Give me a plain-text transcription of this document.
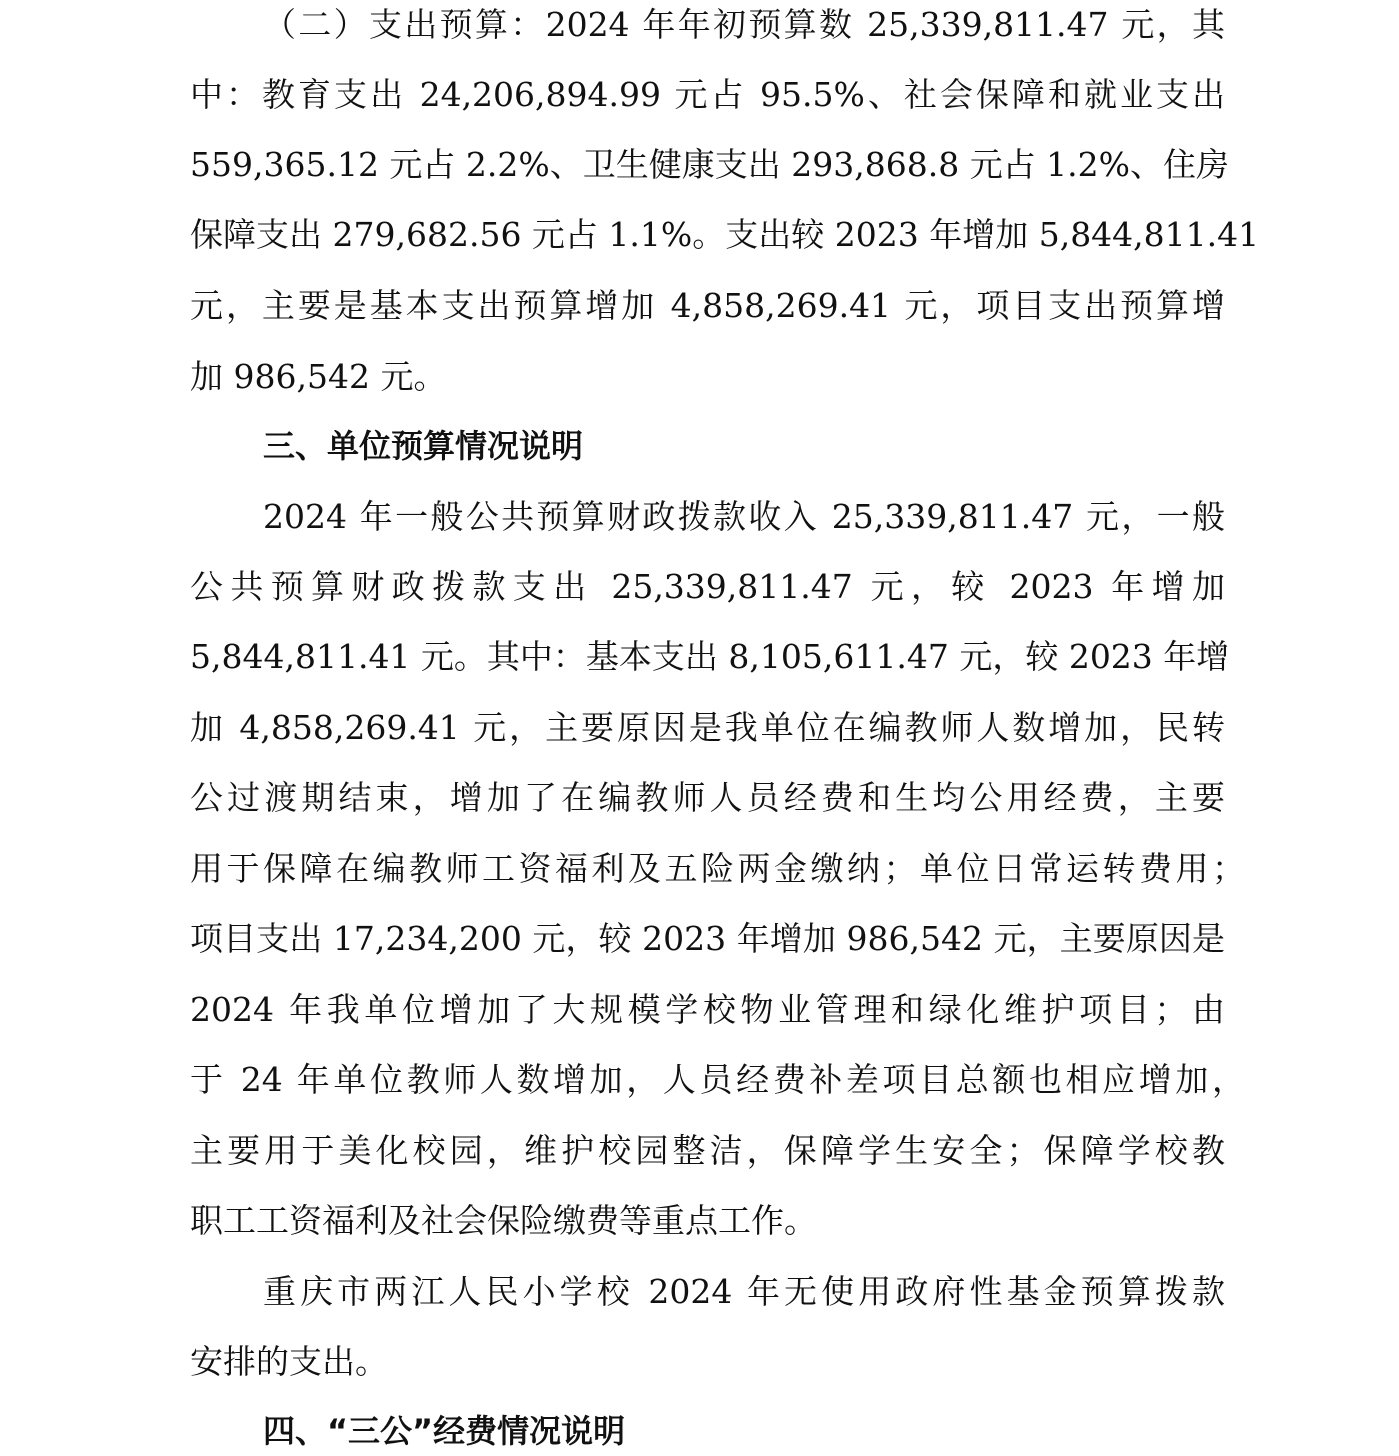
（二）支出预算：2024 年年初预算数 25,339,811.47 元，其
中：教育支出 24,206,894.99 元占 95.5%、社会保障和就业支出
559,365.12 元占 2.2%、卫生健康支出 293,868.8 元占 1.2%、住房
保障支出 279,682.56 元占 1.1%。支出较 2023 年增加 5,844,811.41
元，主要是基本支出预算增加 4,858,269.41 元，项目支出预算增
加 986,542 元。
三、单位预算情况说明
2024 年一般公共预算财政拨款收入 25,339,811.47 元，一般
公共预算财政拨款支出 25,339,811.47 元，较 2023 年增加
5,844,811.41 元。其中：基本支出 8,105,611.47 元，较 2023 年增
加 4,858,269.41 元，主要原因是我单位在编教师人数增加，民转
公过渡期结束，增加了在编教师人员经费和生均公用经费，主要
用于保障在编教师工资福利及五险两金缴纳；单位日常运转费用；
项目支出 17,234,200 元，较 2023 年增加 986,542 元，主要原因是
2024 年我单位增加了大规模学校物业管理和绿化维护项目；由
于 24 年单位教师人数增加，人员经费补差项目总额也相应增加，
主要用于美化校园，维护校园整洁，保障学生安全；保障学校教
职工工资福利及社会保险缴费等重点工作。
重庆市两江人民小学校 2024 年无使用政府性基金预算拨款
安排的支出。
四、“三公”经费情况说明
